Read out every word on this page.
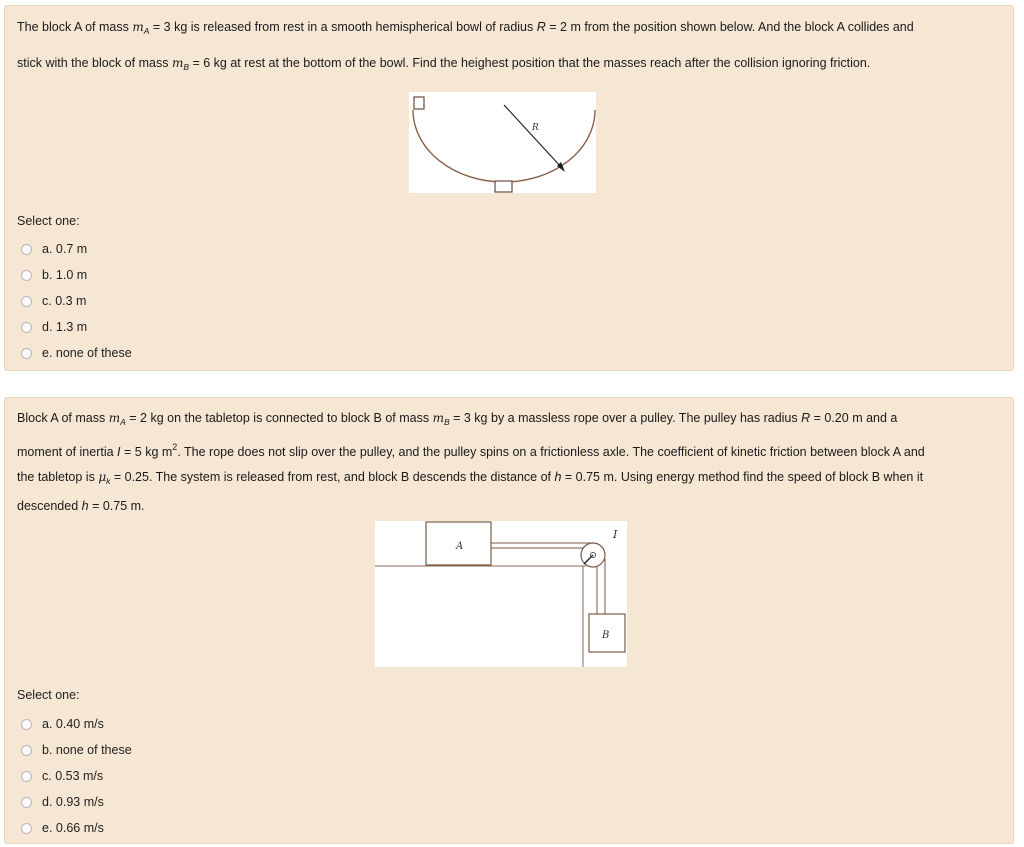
The block A of mass $m_A = 3$ kg is released from rest in a smooth hemispherical bowl of radius R = 2 m from the position shown below. And the block A collides and

stick with the block of mass $m_B = 6$ kg at rest at the bottom of the bowl. Find the heighest position that the masses reach after the collision ignoring friction.

R
Select one:
a. 0.7 m
b. 1.0 m
c. 0.3 m
d. 1.3 m
e. none of these

Block A of mass $m_A = 2$ kg on the tabletop is connected to block B of mass $m_B = 3$ kg by a massless rope over a pulley. The pulley has radius R = 0.20 m and a

moment of inertia I = 5 kg $m^2$. The rope does not slip over the pulley, and the pulley spins on a frictionless axle. The coefficient of kinetic friction between block A and

the tabletop is $\mu_k = 0.25$. The system is released from rest, and block B descends the distance of h = 0.75 m. Using energy method find the speed of block B when it

descended h = 0.75 m.

A
B
I
Select one:
a. 0.40 m/s
b. none of these
c. 0.53 m/s
d. 0.93 m/s
e. 0.66 m/s
